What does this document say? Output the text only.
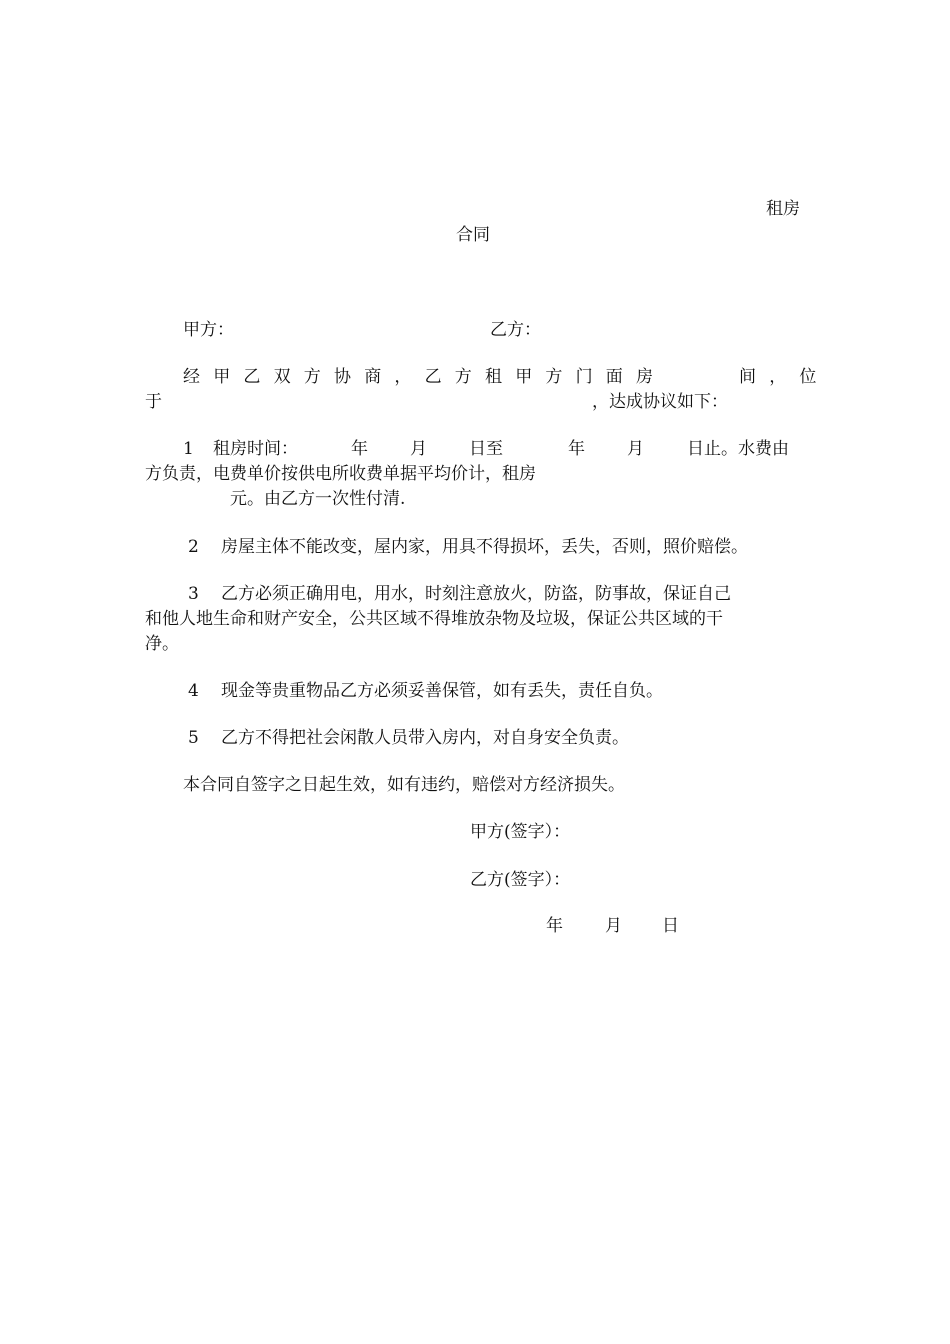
租房
合同
甲方：	乙方：
经甲乙双方协商，乙方租甲方门面房	间，位
于	，达成协议如下：
1 租房时间：	年 月 日至	年 月	日止。水费由
方负责，电费单价按供电所收费单据平均价计，租房
元。由乙方一次性付清.
2 房屋主体不能改变，屋内家，用具不得损坏，丢失，否则，照价赔偿。
3 乙方必须正确用电，用水，时刻注意放火，防盗，防事故，保证自己
和他人地生命和财产安全，公共区域不得堆放杂物及垃圾，保证公共区域的干
净。
4 现金等贵重物品乙方必须妥善保管，如有丢失，责任自负。
5 乙方不得把社会闲散人员带入房内，对自身安全负责。
本合同自签字之日起生效，如有违约，赔偿对方经济损失。
甲方(签字）：
乙方(签字）：
年 月 日
